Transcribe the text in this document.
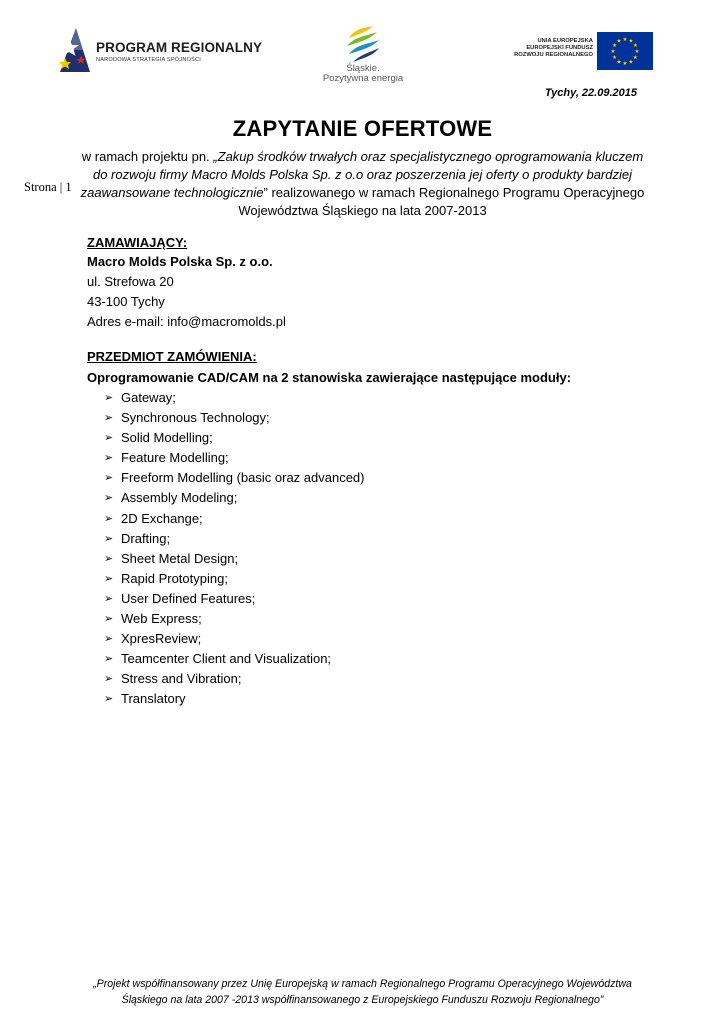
PROGRAM REGIONALNY
NARODOWA STRATEGIA SPÓJNOŚCI
Śląskie.
Pozytywna energia
UNIA EUROPEJSKA
EUROPEJSKI FUNDUSZ
ROZWOJU REGIONALNEGO
★ ★
★
★
★
★
★
★
★
★
★
★
Tychy, 22.09.2015
Strona | 1
ZAPYTANIE OFERTOWE
w ramach projektu pn. „Zakup środków trwałych oraz specjalistycznego oprogramowania kluczem do rozwoju firmy Macro Molds Polska Sp. z o.o oraz poszerzenia jej oferty o produkty bardziej zaawansowane technologicznie” realizowanego w ramach Regionalnego Programu Operacyjnego Województwa Śląskiego na lata 2007-2013
ZAMAWIAJĄCY:
Macro Molds Polska Sp. z o.o.
ul. Strefowa 20
43-100 Tychy
Adres e-mail: info@macromolds.pl
PRZEDMIOT ZAMÓWIENIA:
Oprogramowanie CAD/CAM na 2 stanowiska zawierające następujące moduły:
➢ Gateway;
➢ Synchronous Technology;
➢ Solid Modelling;
➢ Feature Modelling;
➢ Freeform Modelling (basic oraz advanced)
➢ Assembly Modeling;
➢ 2D Exchange;
➢ Drafting;
➢ Sheet Metal Design;
➢ Rapid Prototyping;
➢ User Defined Features;
➢ Web Express;
➢ XpresReview;
➢ Teamcenter Client and Visualization;
➢ Stress and Vibration;
➢ Translatory
„Projekt współfinansowany przez Unię Europejską w ramach Regionalnego Programu Operacyjnego Województwa
Śląskiego na lata 2007 -2013 współfinansowanego z Europejskiego Funduszu Rozwoju Regionalnego”
